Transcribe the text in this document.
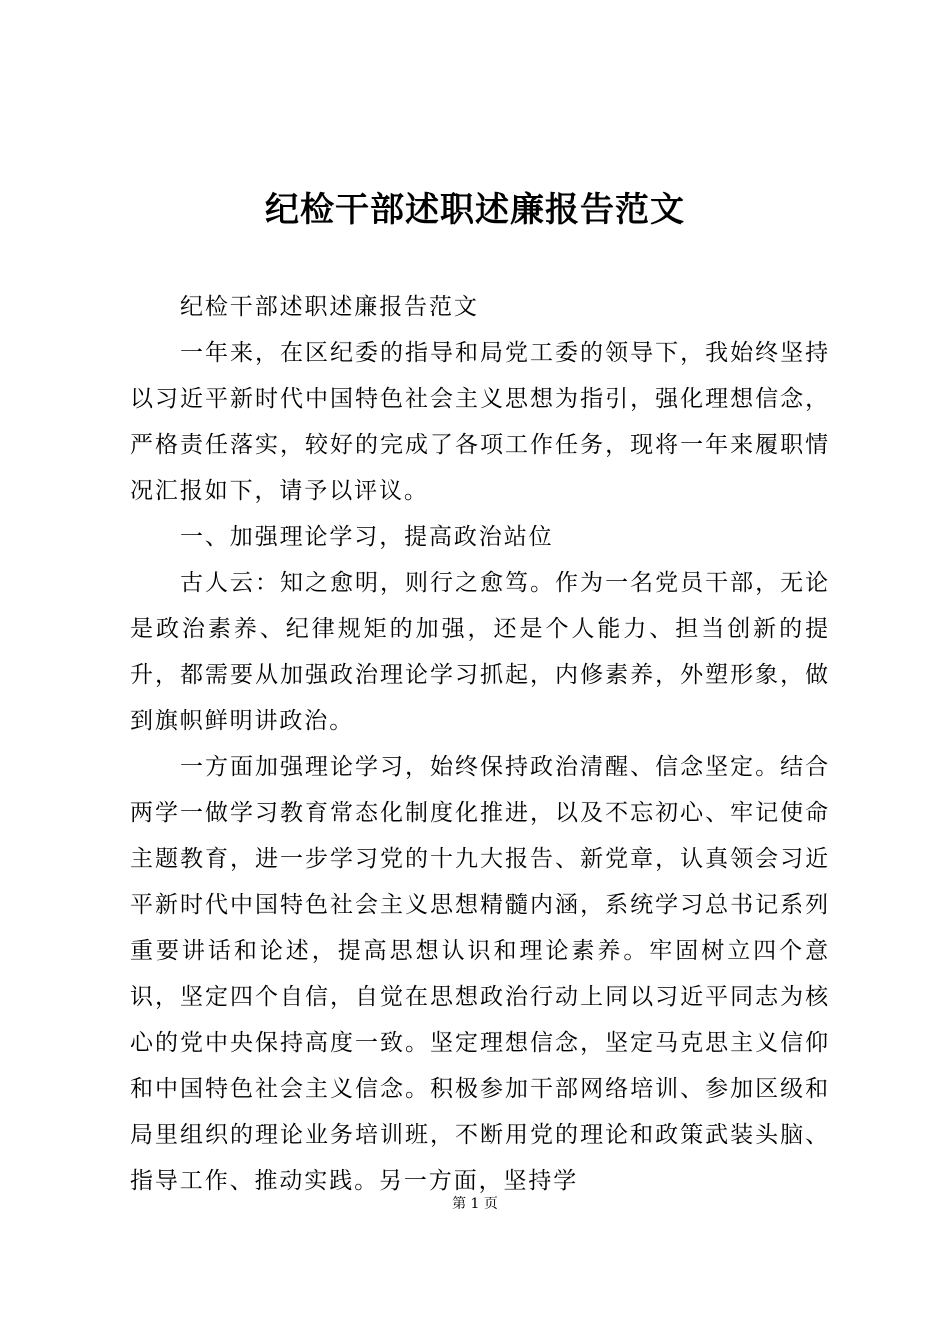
纪检干部述职述廉报告范文

纪检干部述职述廉报告范文

一年来，在区纪委的指导和局党工委的领导下，我始终坚持以习近平新时代中国特色社会主义思想为指引，强化理想信念，严格责任落实，较好的完成了各项工作任务，现将一年来履职情况汇报如下，请予以评议。

一、加强理论学习，提高政治站位

古人云：知之愈明，则行之愈笃。作为一名党员干部，无论是政治素养、纪律规矩的加强，还是个人能力、担当创新的提升，都需要从加强政治理论学习抓起，内修素养，外塑形象，做到旗帜鲜明讲政治。

一方面加强理论学习，始终保持政治清醒、信念坚定。结合　两学一做学习教育常态化制度化推进，以及不忘初心、牢记使命主题教育，进一步学习党的十九大报告、新党章，认真领会习近平新时代中国特色社会主义思想精髓内涵，系统学习总书记系列重要讲话和论述，提高思想认识和理论素养。牢固树立四个意识，坚定四个自信，自觉在思想政治行动上同以习近平同志为核心的党中央保持高度一致。坚定理想信念，坚定马克思主义信仰和中国特色社会主义信念。积极参加干部网络培训、参加区级和局里组织的理论业务培训班，不断用党的理论和政策武装头脑、指导工作、推动实践。另一方面，坚持学

第 1 页
